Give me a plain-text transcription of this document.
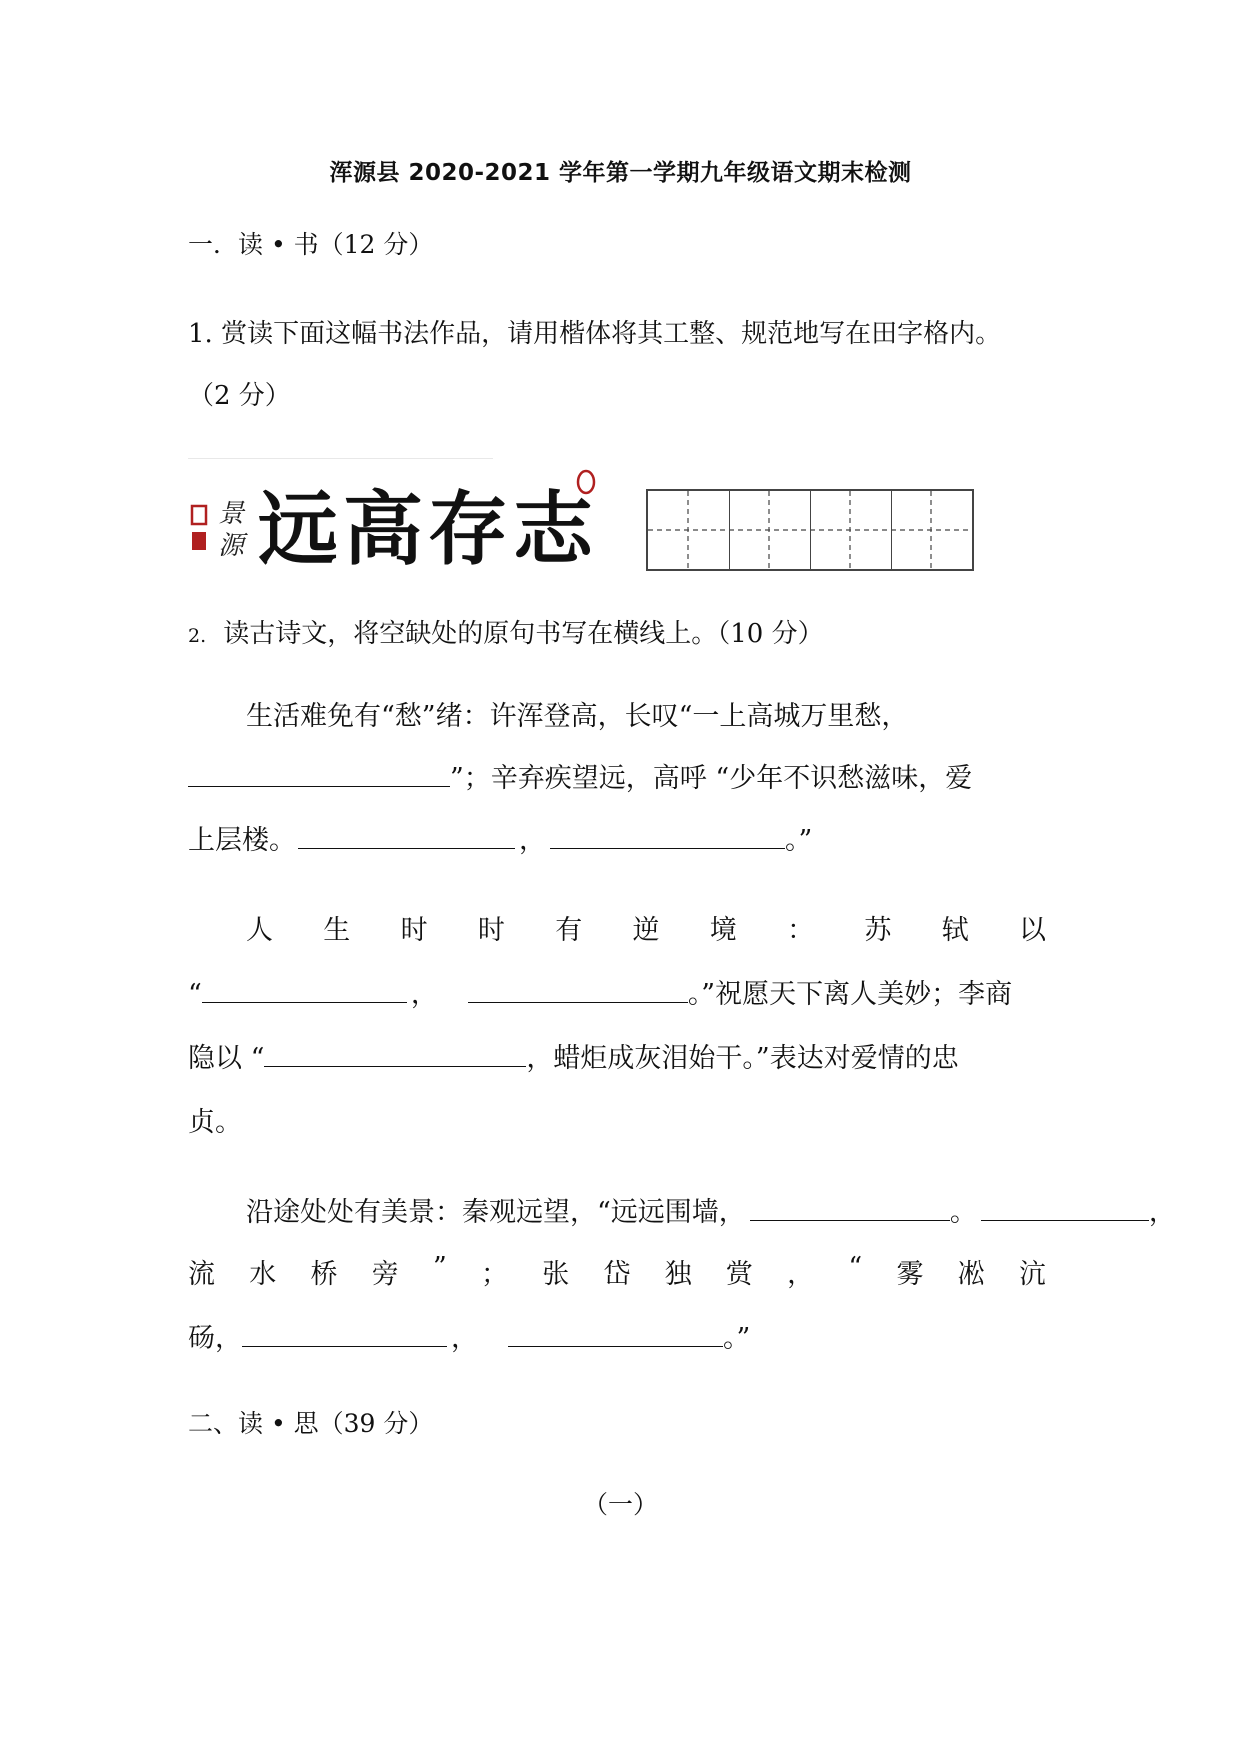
浑源县 2020-2021 学年第一学期九年级语文期末检测
一．读 • 书（12 分）
1. 赏读下面这幅书法作品，请用楷体将其工整、规范地写在田字格内。
（2 分）
景
源 远 高 存 志
2. 读古诗文，将空缺处的原句书写在横线上。（10 分）
生活难免有“愁”绪：许浑登高，长叹“一上高城万里愁，
”；辛弃疾望远，高呼 “少年不识愁滋味，爱
上层楼。	，	。”
人 生 时 时 有 逆 境 ： 苏 轼 以
“	，	。”祝愿天下离人美妙；李商
隐以 “	，蜡炬成灰泪始干。”表达对爱情的忠
贞。
沿途处处有美景：秦观远望，“远远围墙，	。	，
流 水 桥 旁 ” ； 张 岱 独 赏 ， “ 雾 凇 沆
砀，	，	。”
二、读 • 思（39 分）
（一）
